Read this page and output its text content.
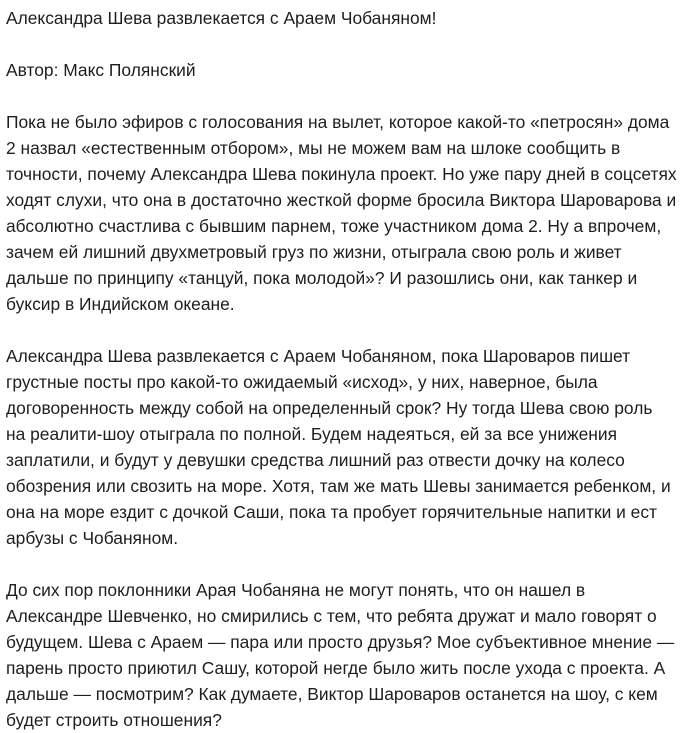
Александра Шева развлекается с Араем Чобаняном!

Автор: Макс Полянский

Пока не было эфиров с голосования на вылет, которое какой-то «петросян» дома

2 назвал «естественным отбором», мы не можем вам на шлоке сообщить в

точности, почему Александра Шева покинула проект. Но уже пару дней в соцсетях

ходят слухи, что она в достаточно жесткой форме бросила Виктора Шароварова и

абсолютно счастлива с бывшим парнем, тоже участником дома 2. Ну а впрочем,

зачем ей лишний двухметровый груз по жизни, отыграла свою роль и живет

дальше по принципу «танцуй, пока молодой»? И разошлись они, как танкер и

буксир в Индийском океане.

Александра Шева развлекается с Араем Чобаняном, пока Шароваров пишет

грустные посты про какой-то ожидаемый «исход», у них, наверное, была

договоренность между собой на определенный срок? Ну тогда Шева свою роль

на реалити-шоу отыграла по полной. Будем надеяться, ей за все унижения

заплатили, и будут у девушки средства лишний раз отвести дочку на колесо

обозрения или свозить на море. Хотя, там же мать Шевы занимается ребенком, и

она на море ездит с дочкой Саши, пока та пробует горячительные напитки и ест

арбузы с Чобаняном.

До сих пор поклонники Арая Чобаняна не могут понять, что он нашел в

Александре Шевченко, но смирились с тем, что ребята дружат и мало говорят о

будущем. Шева с Араем — пара или просто друзья? Мое субъективное мнение —

парень просто приютил Сашу, которой негде было жить после ухода с проекта. А

дальше — посмотрим? Как думаете, Виктор Шароваров останется на шоу, с кем

будет строить отношения?
